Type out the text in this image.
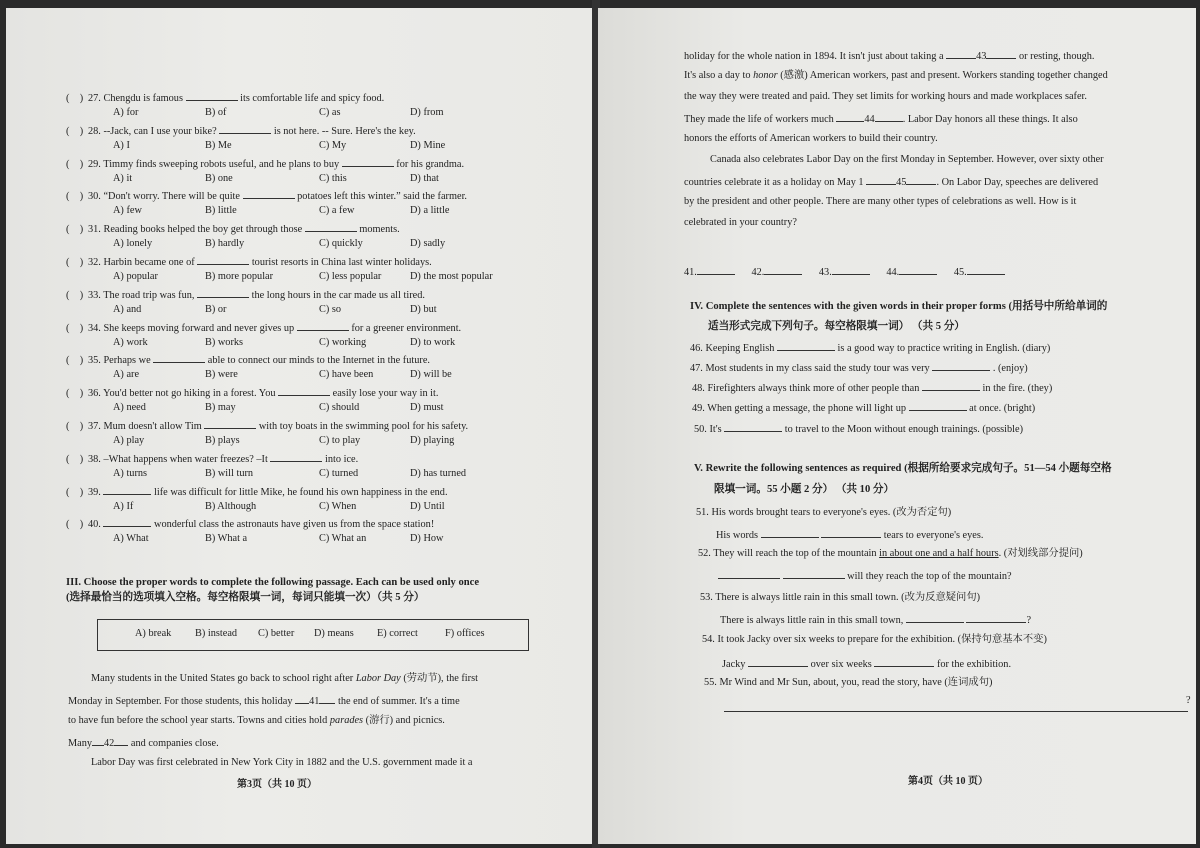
(    ) 27. Chengdu is famous	its comfortable life and spicy food.
A) for	B) of	C) as	D) from
(    ) 28. --Jack, can I use your bike?	is not here. -- Sure. Here's the key.
A) I	B) Me	C) My	D) Mine
(    ) 29. Timmy finds sweeping robots useful, and he plans to buy	for his grandma.
A) it	B) one	C) this	D) that
(    ) 30. “Don't worry. There will be quite	potatoes left this winter.” said the farmer.
A) few	B) little	C) a few	D) a little
(    ) 31. Reading books helped the boy get through those	moments.
A) lonely	B) hardly	C) quickly	D) sadly
(    ) 32. Harbin became one of	tourist resorts in China last winter holidays.
A) popular	B) more popular	C) less popular	D) the most popular
(    ) 33. The road trip was fun,	the long hours in the car made us all tired.
A) and	B) or	C) so	D) but
(    ) 34. She keeps moving forward and never gives up	for a greener environment.
A) work	B) works	C) working	D) to work
(    ) 35. Perhaps we	able to connect our minds to the Internet in the future.
A) are	B) were	C) have been	D) will be
(    ) 36. You'd better not go hiking in a forest. You	easily lose your way in it.
A) need	B) may	C) should	D) must
(    ) 37. Mum doesn't allow Tim	with toy boats in the swimming pool for his safety.
A) play	B) plays	C) to play	D) playing
(    ) 38. –What happens when water freezes? –It	into ice.
A) turns	B) will turn	C) turned	D) has turned
(    ) 39.	life was difficult for little Mike, he found his own happiness in the end.
A) If	B) Although	C) When	D) Until
(    ) 40.	wonderful class the astronauts have given us from the space station!
A) What	B) What a	C) What an	D) How
III. Choose the proper words to complete the following passage. Each can be used only once
(选择最恰当的选项填入空格。每空格限填一词，每词只能填一次）（共 5 分）
A) break B) instead C) better D) means E) correct	F) offices
Many students in the United States go back to school right after Labor Day (劳动节), the first
Monday in September. For those students, this holiday 41 the end of summer. It's a time
to have fun before the school year starts. Towns and cities hold parades (游行) and picnics.
Many 42 and companies close.
Labor Day was first celebrated in New York City in 1882 and the U.S. government made it a
第3页（共 10 页）
holiday for the whole nation in 1894. It isn't just about taking a	43	or resting, though.
It's also a day to honor (感激) American workers, past and present. Workers standing together changed
the way they were treated and paid. They set limits for working hours and made workplaces safer.
They made the life of workers much	44	. Labor Day honors all these things. It also
honors the efforts of American workers to build their country.
Canada also celebrates Labor Day on the first Monday in September. However, over sixty other
countries celebrate it as a holiday on May 1	45	. On Labor Day, speeches are delivered
by the president and other people. There are many other types of celebrations as well. How is it
celebrated in your country?
41.	42.	43.	44.	45.
IV. Complete the sentences with the given words in their proper forms (用括号中所给单词的
适当形式完成下列句子。每空格限填一词） （共 5 分）
46. Keeping English	is a good way to practice writing in English. (diary)
47. Most students in my class said the study tour was very	. (enjoy)
48. Firefighters always think more of other people than	in the fire. (they)
49. When getting a message, the phone will light up	at once. (bright)
50. It's	to travel to the Moon without enough trainings. (possible)
V. Rewrite the following sentences as required (根据所给要求完成句子。51—54 小题每空格
限填一词。55 小题 2 分） （共 10 分）
51. His words brought tears to everyone's eyes. (改为否定句)
His words	tears to everyone's eyes.
52. They will reach the top of the mountain in about one and a half hours. (对划线部分提问)
will they reach the top of the mountain?
53. There is always little rain in this small town. (改为反意疑问句)
There is always little rain in this small town,	?
54. It took Jacky over six weeks to prepare for the exhibition. (保持句意基本不变)
Jacky	over six weeks	for the exhibition.
55. Mr Wind and Mr Sun, about, you, read the story, have (连词成句)
?
第4页（共 10 页）
